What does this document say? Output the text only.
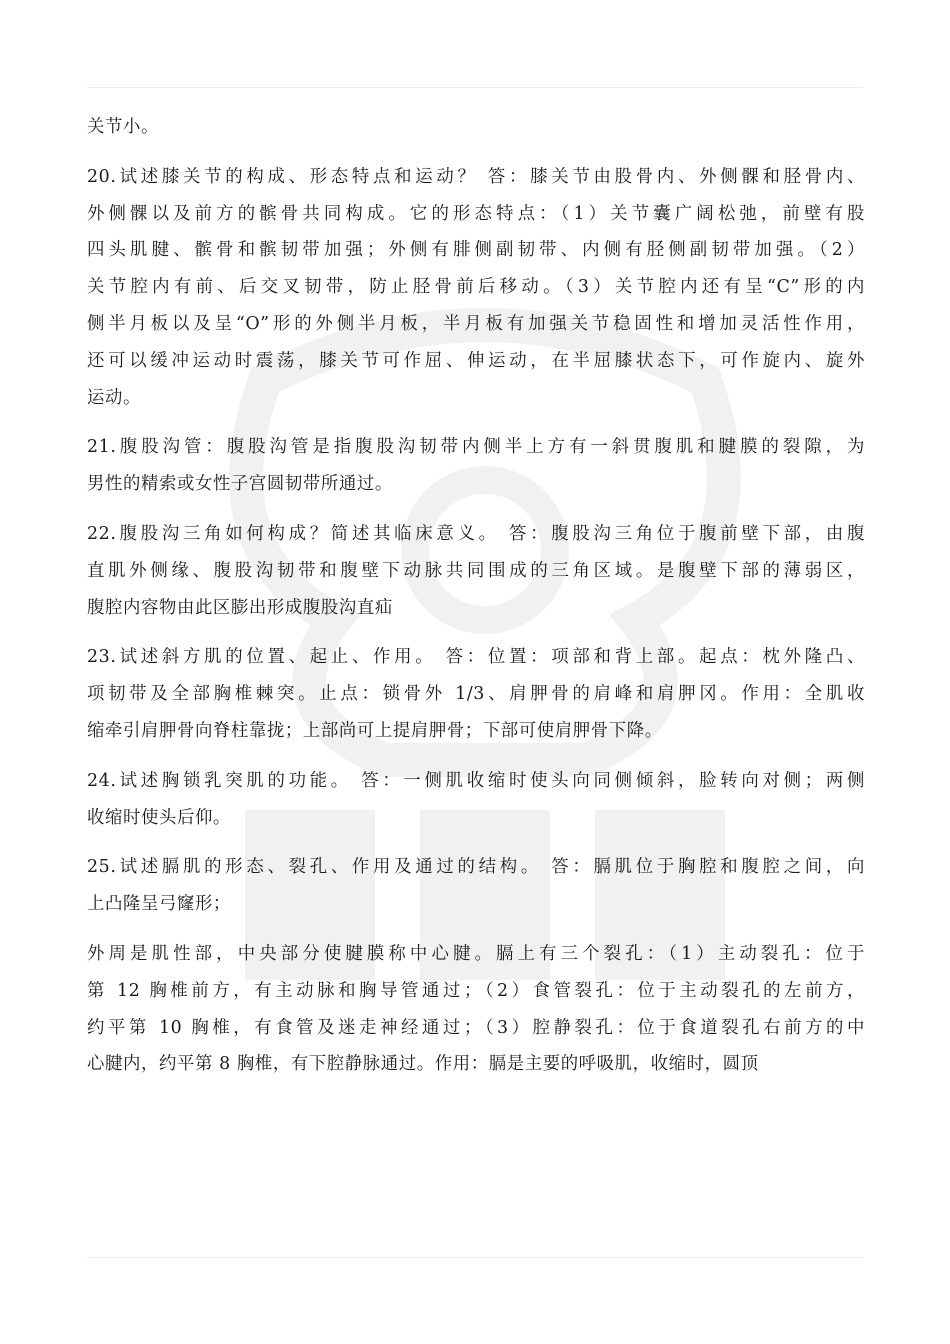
关节小。
20.试述膝关节的构成、形态特点和运动？ 答：膝关节由股骨内、外侧髁和胫骨内、
外侧髁以及前方的髌骨共同构成。它的形态特点：（1）关节囊广阔松弛，前壁有股
四头肌腱、髌骨和髌韧带加强；外侧有腓侧副韧带、内侧有胫侧副韧带加强。（2）
关节腔内有前、后交叉韧带，防止胫骨前后移动。（3）关节腔内还有呈“C”形的内
侧半月板以及呈“O”形的外侧半月板，半月板有加强关节稳固性和增加灵活性作用，
还可以缓冲运动时震荡，膝关节可作屈、伸运动，在半屈膝状态下，可作旋内、旋外
运动。
21.腹股沟管：腹股沟管是指腹股沟韧带内侧半上方有一斜贯腹肌和腱膜的裂隙，为
男性的精索或女性子宫圆韧带所通过。
22.腹股沟三角如何构成？简述其临床意义。 答：腹股沟三角位于腹前壁下部，由腹
直肌外侧缘、腹股沟韧带和腹壁下动脉共同围成的三角区域。是腹壁下部的薄弱区，
腹腔内容物由此区膨出形成腹股沟直疝
23.试述斜方肌的位置、起止、作用。 答：位置：项部和背上部。起点：枕外隆凸、
项韧带及全部胸椎棘突。止点：锁骨外 1/3、肩胛骨的肩峰和肩胛冈。作用：全肌收
缩牵引肩胛骨向脊柱靠拢；上部尚可上提肩胛骨；下部可使肩胛骨下降。
24.试述胸锁乳突肌的功能。 答：一侧肌收缩时使头向同侧倾斜，脸转向对侧；两侧
收缩时使头后仰。
25.试述膈肌的形态、裂孔、作用及通过的结构。 答：膈肌位于胸腔和腹腔之间，向
上凸隆呈弓窿形；
外周是肌性部，中央部分使腱膜称中心腱。膈上有三个裂孔：（1）主动裂孔：位于
第 12 胸椎前方，有主动脉和胸导管通过；（2）食管裂孔：位于主动裂孔的左前方，
约平第 10 胸椎，有食管及迷走神经通过；（3）腔静裂孔：位于食道裂孔右前方的中
心腱内，约平第 8 胸椎，有下腔静脉通过。作用：膈是主要的呼吸肌，收缩时，圆顶
